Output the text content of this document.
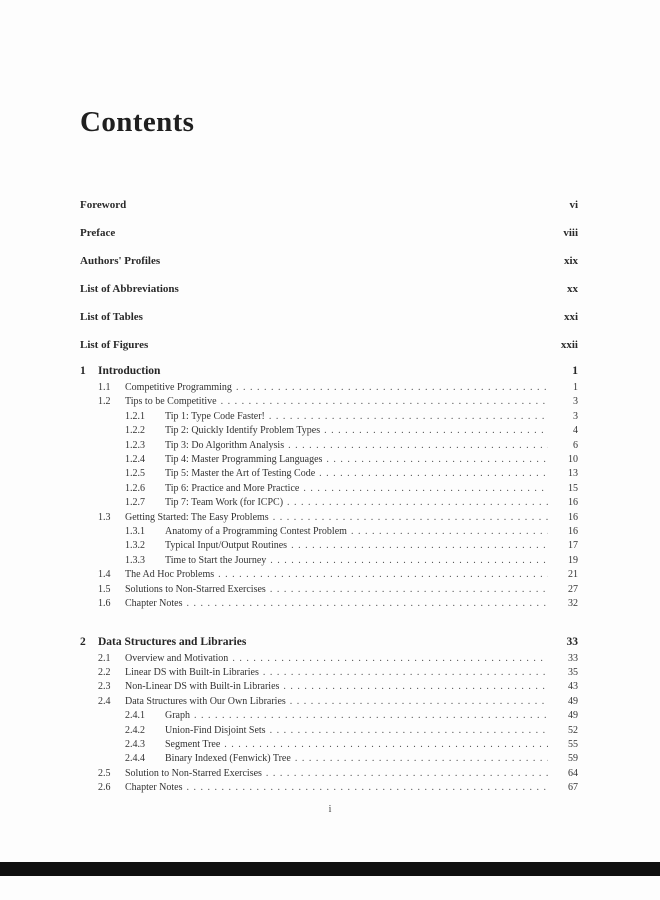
Contents
Foreword	vi
Preface	viii
Authors' Profiles	xix
List of Abbreviations	xx
List of Tables	xxi
List of Figures	xxii
1	Introduction	1
1.1	Competitive Programming . . .	1
1.2	Tips to be Competitive . . .	3
1.2.1	Tip 1: Type Code Faster! . . .	3
1.2.2	Tip 2: Quickly Identify Problem Types . . .	4
1.2.3	Tip 3: Do Algorithm Analysis . . .	6
1.2.4	Tip 4: Master Programming Languages . . .	10
1.2.5	Tip 5: Master the Art of Testing Code . . .	13
1.2.6	Tip 6: Practice and More Practice . . .	15
1.2.7	Tip 7: Team Work (for ICPC) . . .	16
1.3	Getting Started: The Easy Problems . . .	16
1.3.1	Anatomy of a Programming Contest Problem . . .	16
1.3.2	Typical Input/Output Routines . . .	17
1.3.3	Time to Start the Journey . . .	19
1.4	The Ad Hoc Problems . . .	21
1.5	Solutions to Non-Starred Exercises . . .	27
1.6	Chapter Notes . . .	32
2	Data Structures and Libraries	33
2.1	Overview and Motivation . . .	33
2.2	Linear DS with Built-in Libraries . . .	35
2.3	Non-Linear DS with Built-in Libraries . . .	43
2.4	Data Structures with Our Own Libraries . . .	49
2.4.1	Graph . . .	49
2.4.2	Union-Find Disjoint Sets . . .	52
2.4.3	Segment Tree . . .	55
2.4.4	Binary Indexed (Fenwick) Tree . . .	59
2.5	Solution to Non-Starred Exercises . . .	64
2.6	Chapter Notes . . .	67
i
